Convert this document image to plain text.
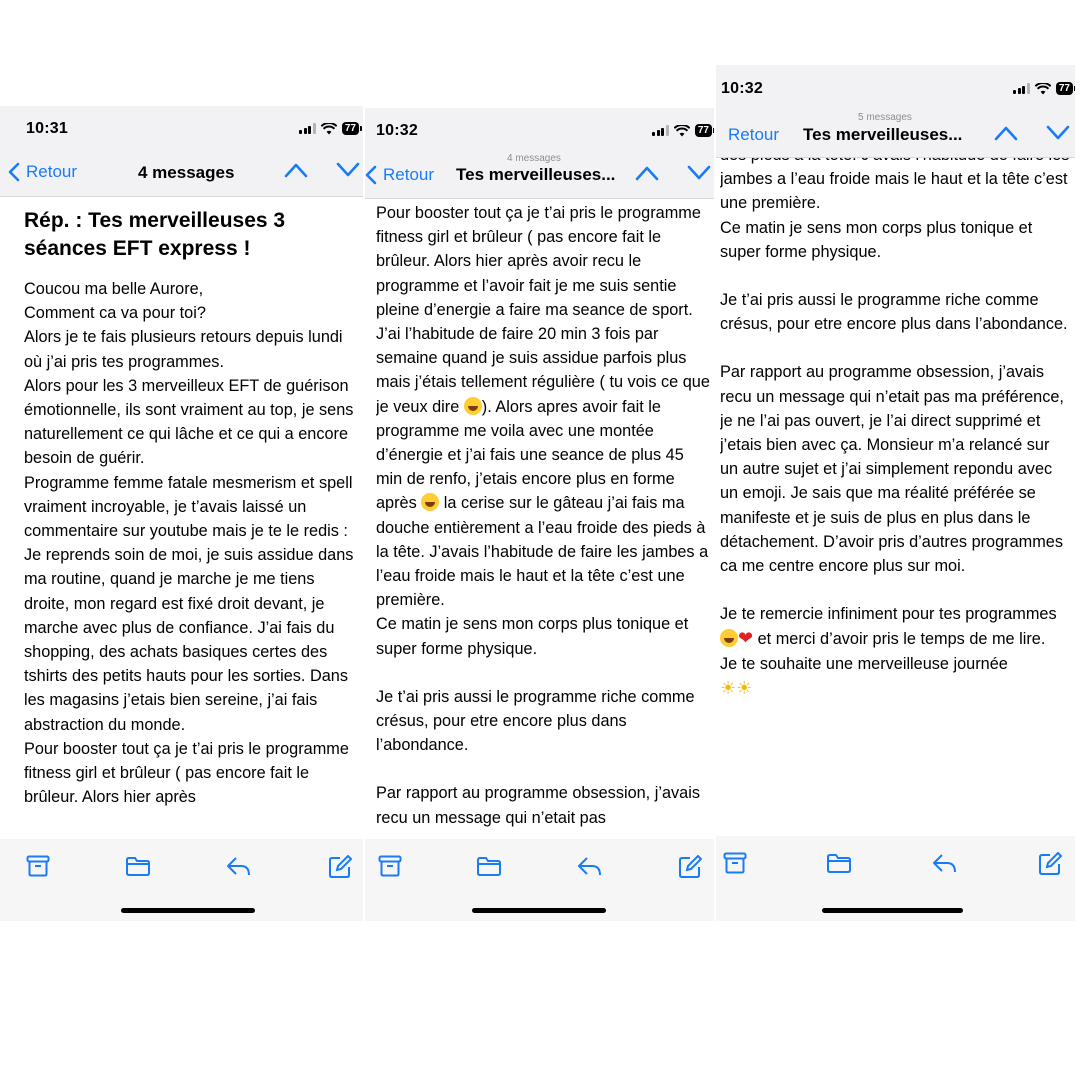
10:31	77
Retour	4 messages
Rép. : Tes merveilleuses 3 séances EFT express !

Coucou ma belle Aurore,
Comment ca va pour toi?
Alors je te fais plusieurs retours depuis lundi où j’ai pris tes programmes.
Alors pour les 3 merveilleux EFT de guérison émotionnelle, ils sont vraiment au top, je sens naturellement ce qui lâche et ce qui a encore besoin de guérir.
Programme femme fatale mesmerism et spell vraiment incroyable, je t’avais laissé un commentaire sur youtube mais je te le redis : Je reprends soin de moi, je suis assidue dans ma routine, quand je marche je me tiens droite, mon regard est fixé droit devant, je marche avec plus de confiance. J’ai fais du shopping, des achats basiques certes des tshirts des petits hauts pour les sorties. Dans les magasins j’etais bien sereine, j’ai fais abstraction du monde.
Pour booster tout ça je t’ai pris le programme fitness girl et brûleur ( pas encore fait le brûleur. Alors hier après

10:32	77
4 messages
Retour Tes merveilleuses...

Pour booster tout ça je t’ai pris le programme fitness girl et brûleur ( pas encore fait le brûleur. Alors hier après avoir recu le programme et l’avoir fait je me suis sentie pleine d’energie a faire ma seance de sport. J’ai l’habitude de faire 20 min 3 fois par semaine quand je suis assidue parfois plus mais j’étais tellement régulière ( tu vois ce que je veux dire ). Alors apres avoir fait le programme me voila avec une montée d’énergie et j’ai fais une seance de plus 45 min de renfo, j’etais encore plus en forme après  la cerise sur le gâteau j’ai fais ma douche entièrement a l’eau froide des pieds à la tête. J’avais l’habitude de faire les jambes a l’eau froide mais le haut et la tête c’est une première.
Ce matin je sens mon corps plus tonique et super forme physique.

Je t’ai pris aussi le programme riche comme crésus, pour etre encore plus dans l’abondance.

Par rapport au programme obsession, j’avais recu un message qui n’etait pas

jambes a l’eau froide mais le haut et la tête c’est une première.
Ce matin je sens mon corps plus tonique et super forme physique.

Je t’ai pris aussi le programme riche comme crésus, pour etre encore plus dans l’abondance.

Par rapport au programme obsession, j’avais recu un message qui n’etait pas ma préférence, je ne l’ai pas ouvert, je l’ai direct supprimé et j’etais bien avec ça. Monsieur m’a relancé sur un autre sujet et j’ai simplement repondu avec un emoji. Je sais que ma réalité préférée se manifeste et je suis de plus en plus dans le détachement. D’avoir pris d’autres programmes ca me centre encore plus sur moi.

Je te remercie infiniment pour tes programmes ❤ et merci d’avoir pris le temps de me lire.
Je te souhaite une merveilleuse journée

☀☀
10:32	77
5 messages
Retour Tes merveilleuses...
